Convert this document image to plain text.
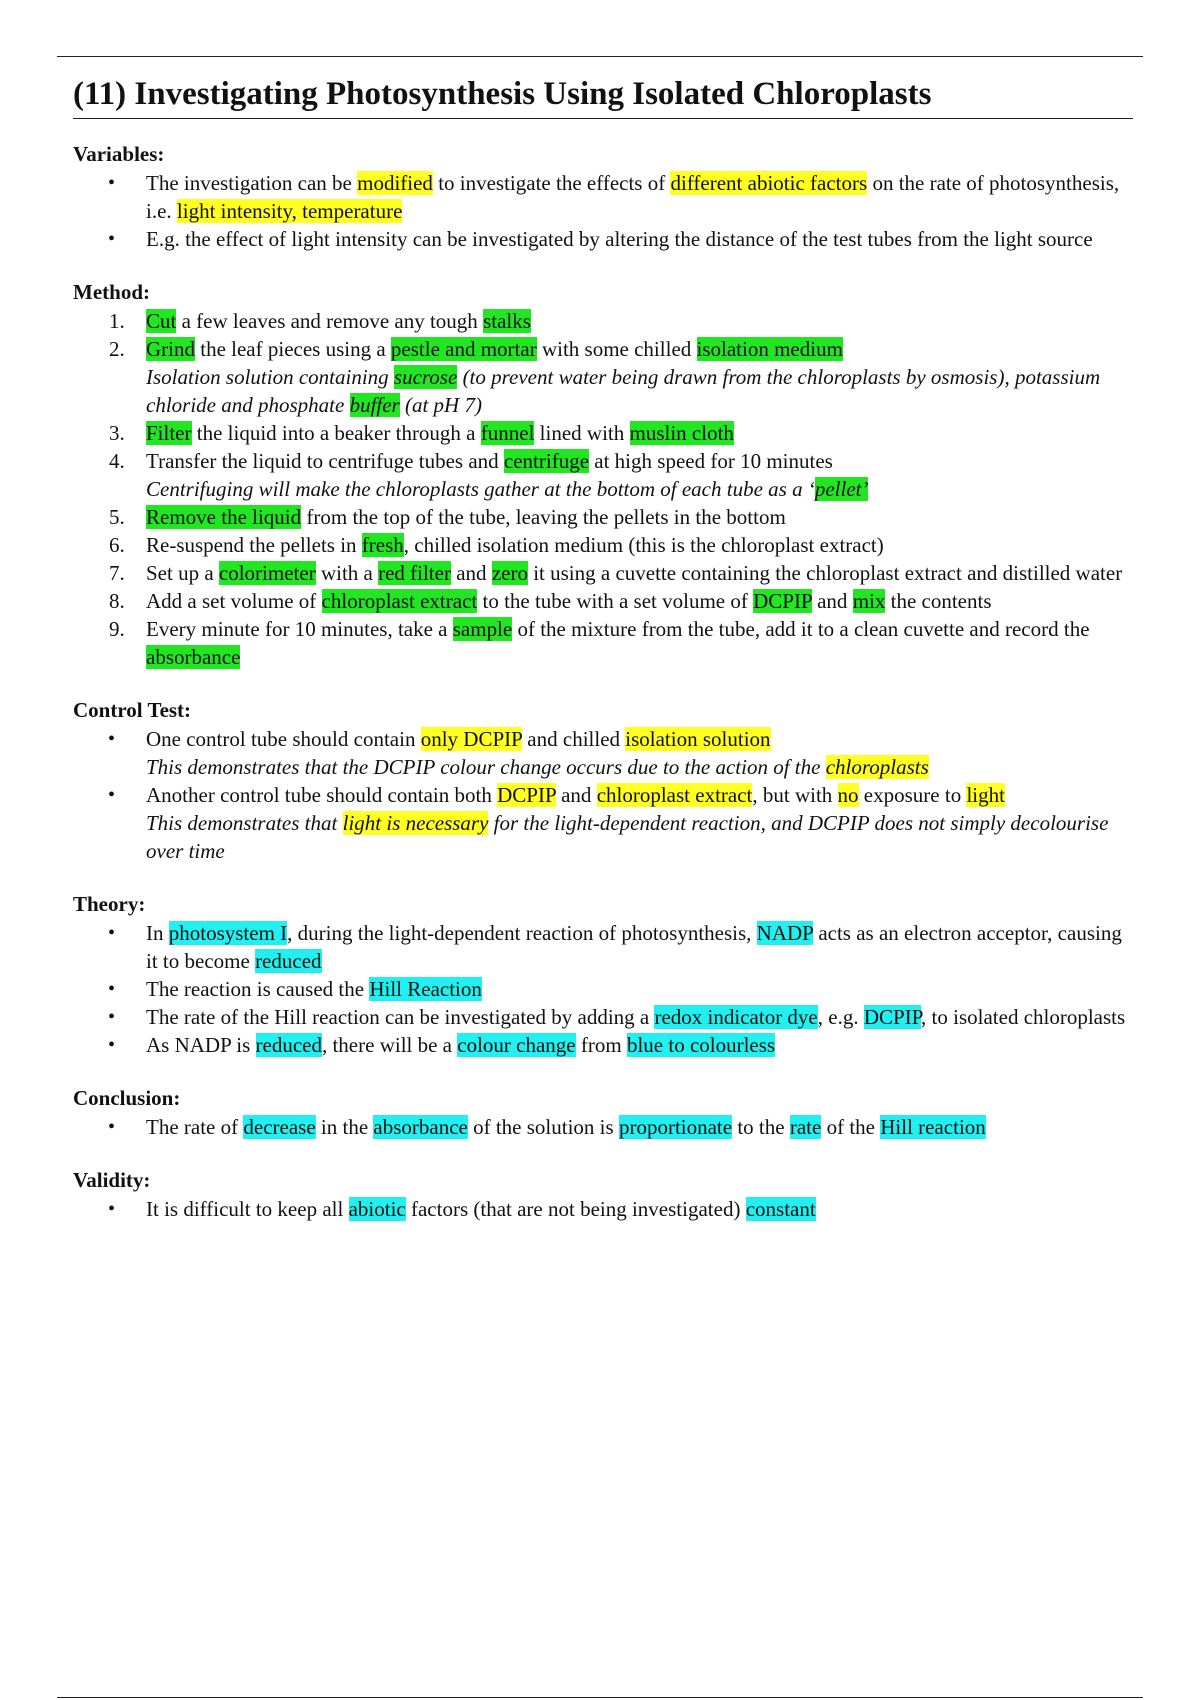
(11) Investigating Photosynthesis Using Isolated Chloroplasts
Variables:
• The investigation can be modified to investigate the effects of different abiotic factors on the rate of photosynthesis, i.e. light intensity, temperature
• E.g. the effect of light intensity can be investigated by altering the distance of the test tubes from the light source
Method:
1. Cut a few leaves and remove any tough stalks
2. Grind the leaf pieces using a pestle and mortar with some chilled isolation medium
Isolation solution containing sucrose (to prevent water being drawn from the chloroplasts by osmosis), potassium chloride and phosphate buffer (at pH 7)
3. Filter the liquid into a beaker through a funnel lined with muslin cloth
4. Transfer the liquid to centrifuge tubes and centrifuge at high speed for 10 minutes
Centrifuging will make the chloroplasts gather at the bottom of each tube as a ‘pellet’
5. Remove the liquid from the top of the tube, leaving the pellets in the bottom
6. Re-suspend the pellets in fresh, chilled isolation medium (this is the chloroplast extract)
7. Set up a colorimeter with a red filter and zero it using a cuvette containing the chloroplast extract and distilled water
8. Add a set volume of chloroplast extract to the tube with a set volume of DCPIP and mix the contents
9. Every minute for 10 minutes, take a sample of the mixture from the tube, add it to a clean cuvette and record the absorbance
Control Test:
• One control tube should contain only DCPIP and chilled isolation solution
This demonstrates that the DCPIP colour change occurs due to the action of the chloroplasts
• Another control tube should contain both DCPIP and chloroplast extract, but with no exposure to light
This demonstrates that light is necessary for the light-dependent reaction, and DCPIP does not simply decolourise over time
Theory:
• In photosystem I, during the light-dependent reaction of photosynthesis, NADP acts as an electron acceptor, causing it to become reduced
• The reaction is caused the Hill Reaction
• The rate of the Hill reaction can be investigated by adding a redox indicator dye, e.g. DCPIP, to isolated chloroplasts
• As NADP is reduced, there will be a colour change from blue to colourless
Conclusion:
• The rate of decrease in the absorbance of the solution is proportionate to the rate of the Hill reaction
Validity:
• It is difficult to keep all abiotic factors (that are not being investigated) constant
